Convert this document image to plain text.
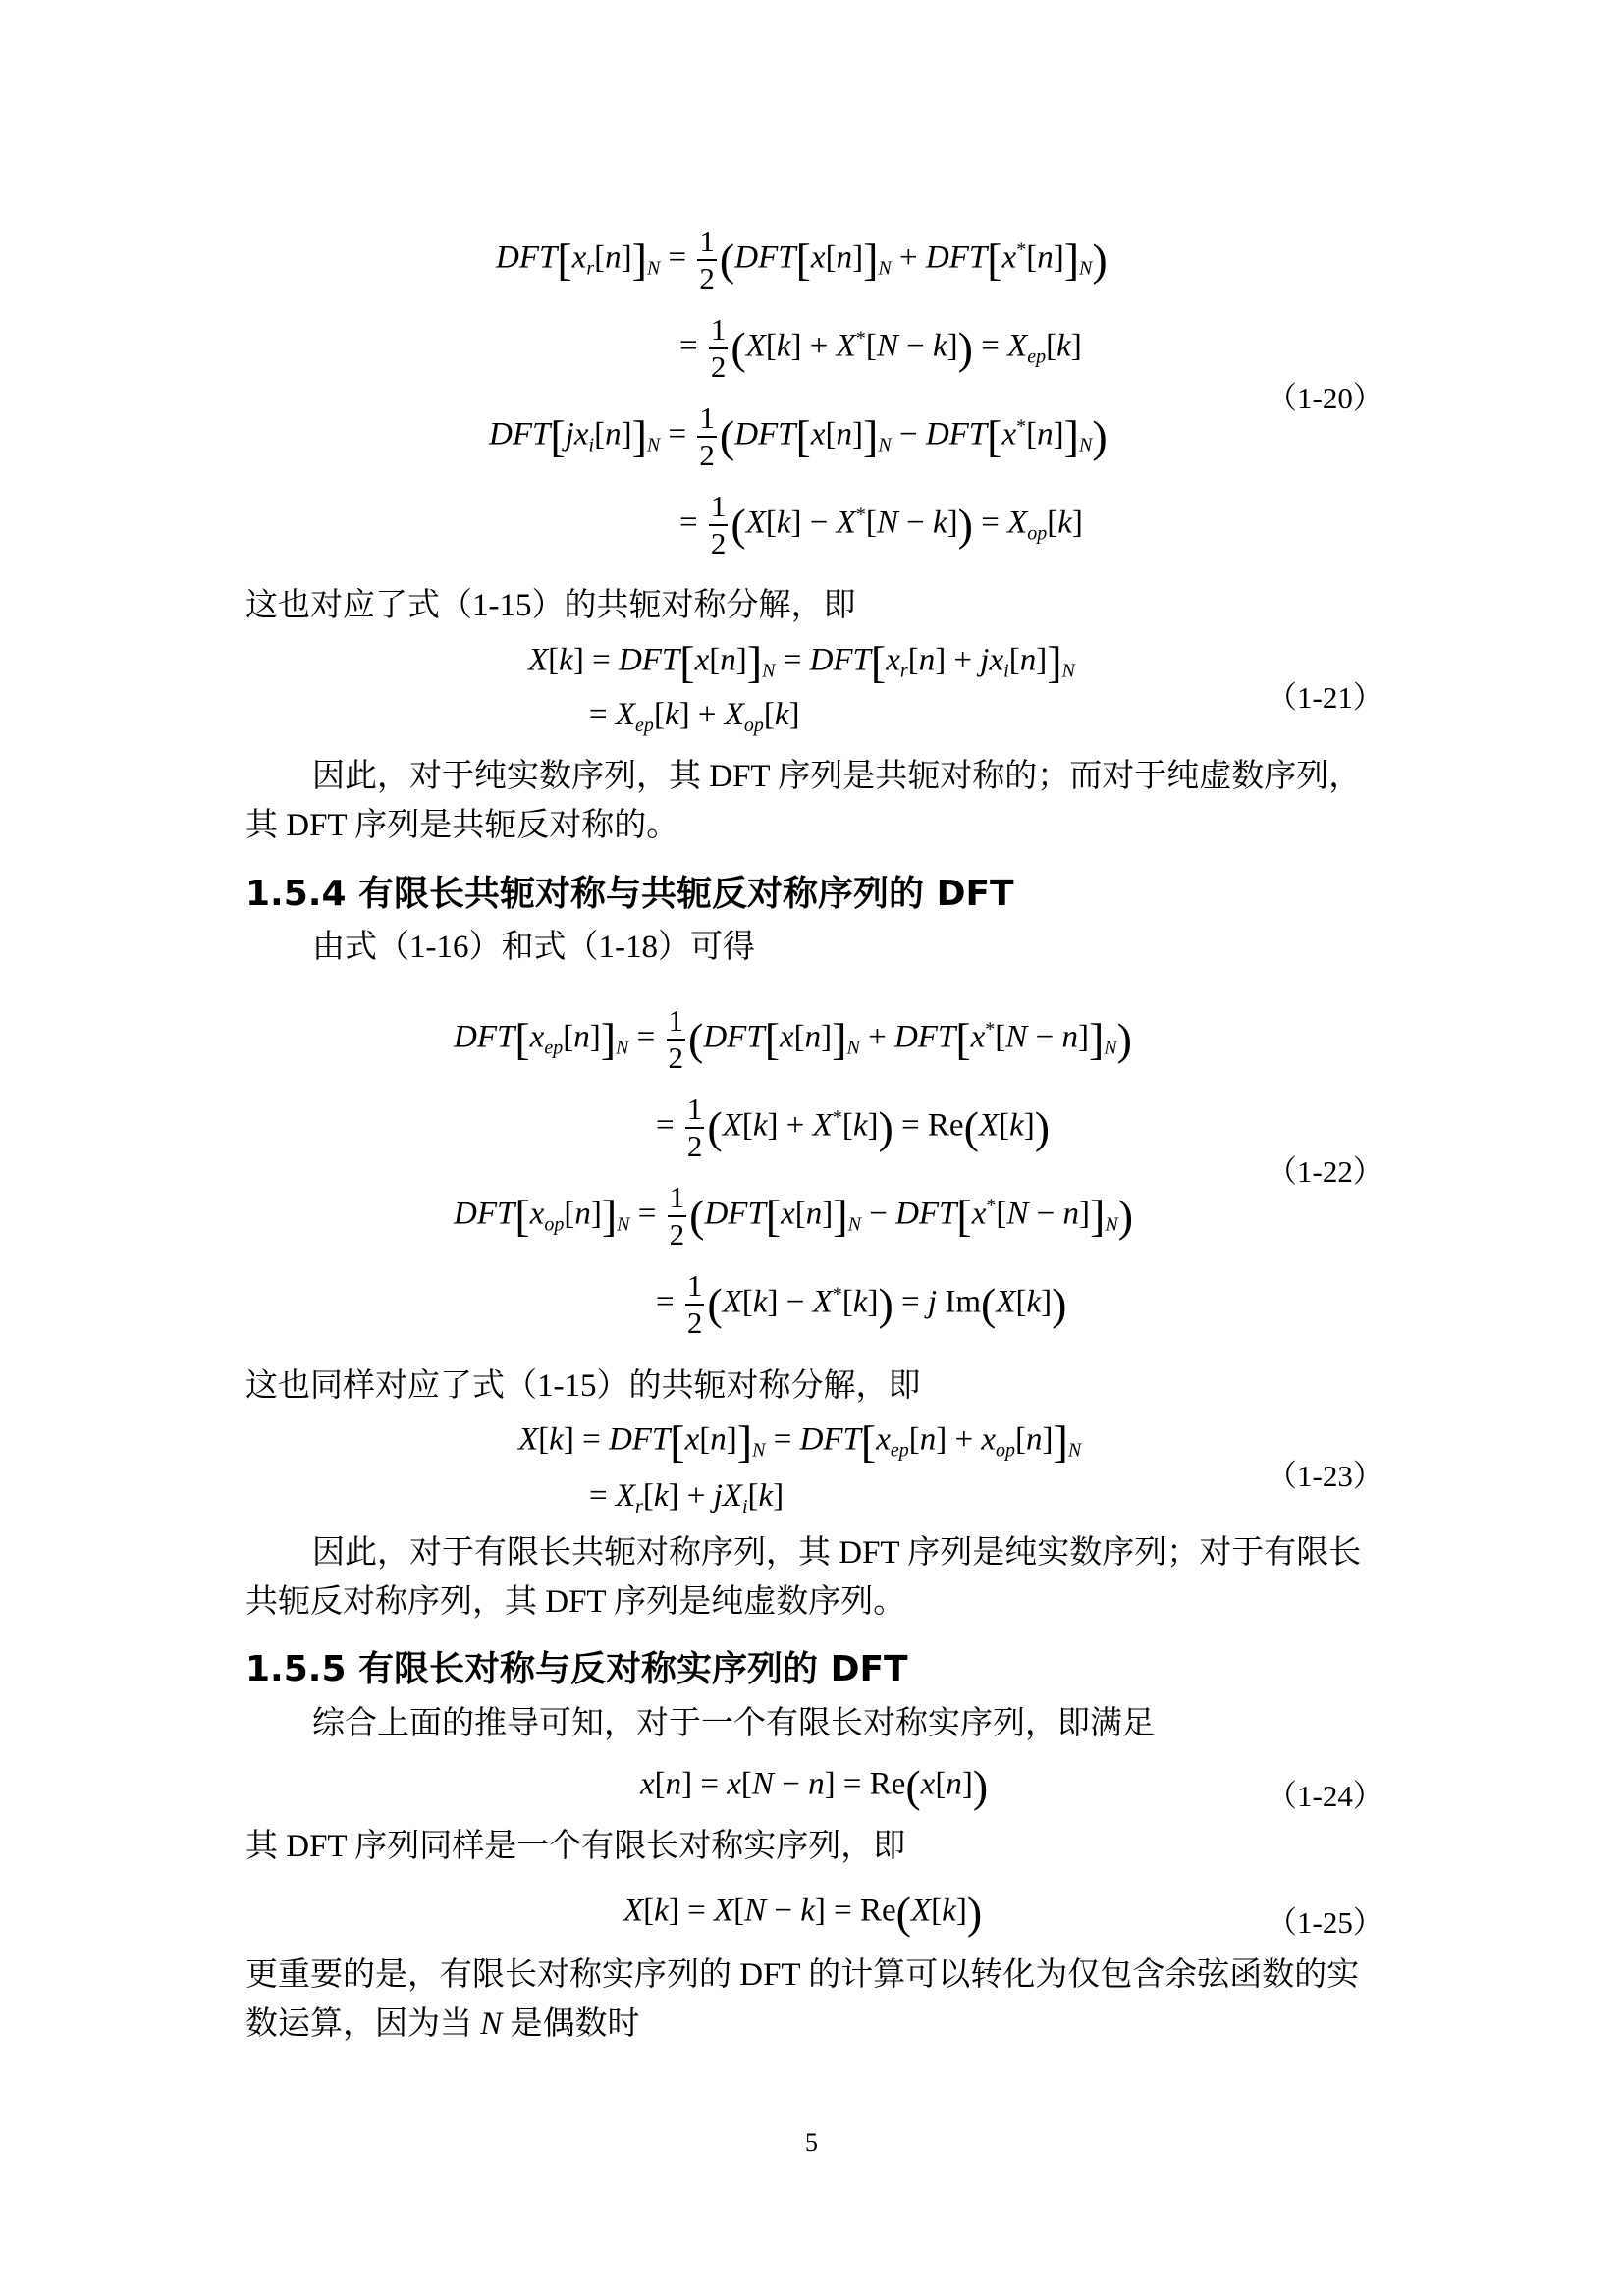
$DFT[x_r[n]]_N = \frac{1}{2} (DFT[x[n]]_N + DFT[x^*[n]]_N)$
= $\frac{1}{2} (X[k] + X^*[N - k]) = X_{ep}[k]$
$DFT[jx_i[n]]_N = \frac{1}{2} (DFT[x[n]]_N - DFT[x^*[n]]_N)$
= $\frac{1}{2} (X[k] - X^*[N - k]) = X_{op}[k]$
（1-20）
这也对应了式（1-15）的共轭对称分解，即
$X[k] = DFT[x[n]]_N = DFT[x_r[n] + jx_i[n]]_N$
= $X_{ep}[k] + X_{op}[k]$	（1-21）
因此，对于纯实数序列，其 DFT 序列是共轭对称的；而对于纯虚数序列，
其 DFT 序列是共轭反对称的。
1.5.4 有限长共轭对称与共轭反对称序列的 DFT
由式（1-16）和式（1-18）可得
$DFT[x_{ep}[n]]_N = \frac{1}{2} (DFT[x[n]]_N + DFT[x^*[N - n]]_N)$
= $\frac{1}{2} (X[k] + X^*[k]) = Re(X[k])$
$DFT[x_{op}[n]]_N = \frac{1}{2} (DFT[x[n]]_N - DFT[x^*[N - n]]_N)$
= $\frac{1}{2} (X[k] - X^*[k]) = j$ Im(X[k])
（1-22）
这也同样对应了式（1-15）的共轭对称分解，即
$X[k] = DFT[x[n]]_N = DFT[x_{ep}[n] + x_{op}[n]]_N$
= $X_r[k] + jX_i[k]$
（1-23）
因此，对于有限长共轭对称序列，其 DFT 序列是纯实数序列；对于有限长
共轭反对称序列，其 DFT 序列是纯虚数序列。
1.5.5 有限长对称与反对称实序列的 DFT
综合上面的推导可知，对于一个有限长对称实序列，即满足
x[n] = x[N − n] = Re(x[n])	（1-24）
其 DFT 序列同样是一个有限长对称实序列，即
X[k] = X[N − k] = Re(X[k])	（1-25）
更重要的是，有限长对称实序列的 DFT 的计算可以转化为仅包含余弦函数的实
数运算，因为当 N 是偶数时
5
